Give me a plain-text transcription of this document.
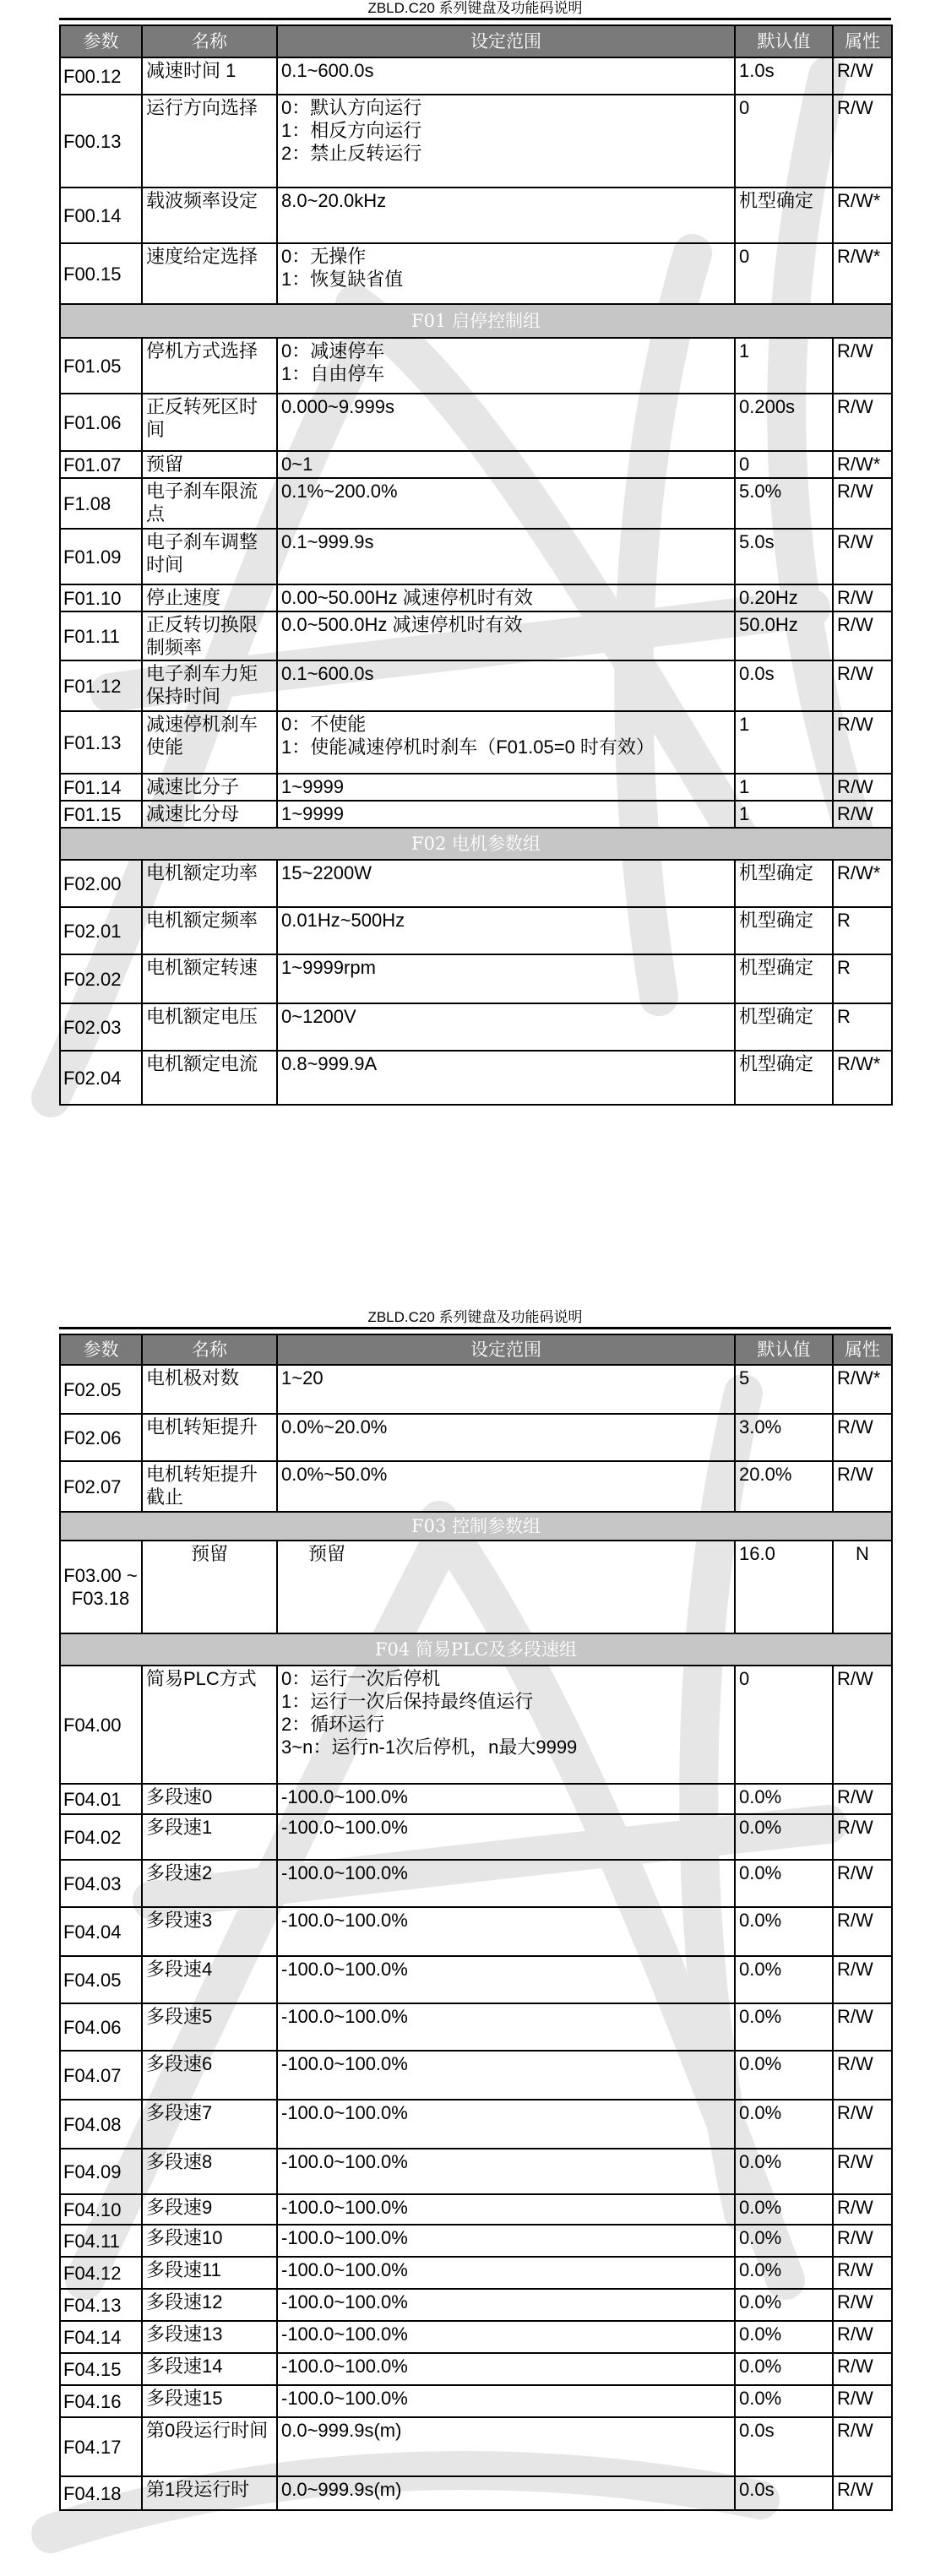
ZBLD.C20 系列键盘及功能码说明
参数	名称	设定范围	默认值	属性
F00.12	减速时间 1	0.1~600.0s	1.0s	R/W
F00.13	运行方向选择	0：默认方向运行
1：相反方向运行
2：禁止反转运行	0	R/W
F00.14	载波频率设定	8.0~20.0kHz	机型确定	R/W*
F00.15	速度给定选择	0：无操作
1：恢复缺省值	0	R/W*
F01 启停控制组				
F01.05	停机方式选择	0：减速停车
1：自由停车	1	R/W
F01.06	正反转死区时间	0.000~9.999s	0.200s	R/W
F01.07	预留	0~1	0	R/W*
F1.08	电子刹车限流点	0.1%~200.0%	5.0%	R/W
F01.09	电子刹车调整时间	0.1~999.9s	5.0s	R/W
F01.10	停止速度	0.00~50.00Hz 减速停机时有效	0.20Hz	R/W
F01.11	正反转切换限制频率	0.0~500.0Hz 减速停机时有效	50.0Hz	R/W
F01.12	电子刹车力矩保持时间	0.1~600.0s	0.0s	R/W
F01.13	减速停机刹车使能	0：不使能
1：使能减速停机时刹车（F01.05=0 时有效）	1	R/W
F01.14	减速比分子	1~9999	1	R/W
F01.15	减速比分母	1~9999	1	R/W
F02 电机参数组				
F02.00	电机额定功率	15~2200W	机型确定	R/W*
F02.01	电机额定频率	0.01Hz~500Hz	机型确定	R
F02.02	电机额定转速	1~9999rpm	机型确定	R
F02.03	电机额定电压	0~1200V	机型确定	R
F02.04	电机额定电流	0.8~999.9A	机型确定	R/W*
ZBLD.C20 系列键盘及功能码说明
参数	名称	设定范围	默认值	属性
F02.05	电机极对数	1~20	5	R/W*
F02.06	电机转矩提升	0.0%~20.0%	3.0%	R/W
F02.07	电机转矩提升截止	0.0%~50.0%	20.0%	R/W
F03 控制参数组				
F03.00 ~ F03.18	预留	预留	16.0	N
F04 简易PLC及多段速组				
F04.00	简易PLC方式	0：运行一次后停机
1：运行一次后保持最终值运行
2：循环运行
3~n：运行n-1次后停机，n最大9999	0	R/W
F04.01	多段速0	-100.0~100.0%	0.0%	R/W
F04.02	多段速1	-100.0~100.0%	0.0%	R/W
F04.03	多段速2	-100.0~100.0%	0.0%	R/W
F04.04	多段速3	-100.0~100.0%	0.0%	R/W
F04.05	多段速4	-100.0~100.0%	0.0%	R/W
F04.06	多段速5	-100.0~100.0%	0.0%	R/W
F04.07	多段速6	-100.0~100.0%	0.0%	R/W
F04.08	多段速7	-100.0~100.0%	0.0%	R/W
F04.09	多段速8	-100.0~100.0%	0.0%	R/W
F04.10	多段速9	-100.0~100.0%	0.0%	R/W
F04.11	多段速10	-100.0~100.0%	0.0%	R/W
F04.12	多段速11	-100.0~100.0%	0.0%	R/W
F04.13	多段速12	-100.0~100.0%	0.0%	R/W
F04.14	多段速13	-100.0~100.0%	0.0%	R/W
F04.15	多段速14	-100.0~100.0%	0.0%	R/W
F04.16	多段速15	-100.0~100.0%	0.0%	R/W
F04.17	第0段运行时间	0.0~999.9s(m)	0.0s	R/W
F04.18	第1段运行时	0.0~999.9s(m)	0.0s	R/W
